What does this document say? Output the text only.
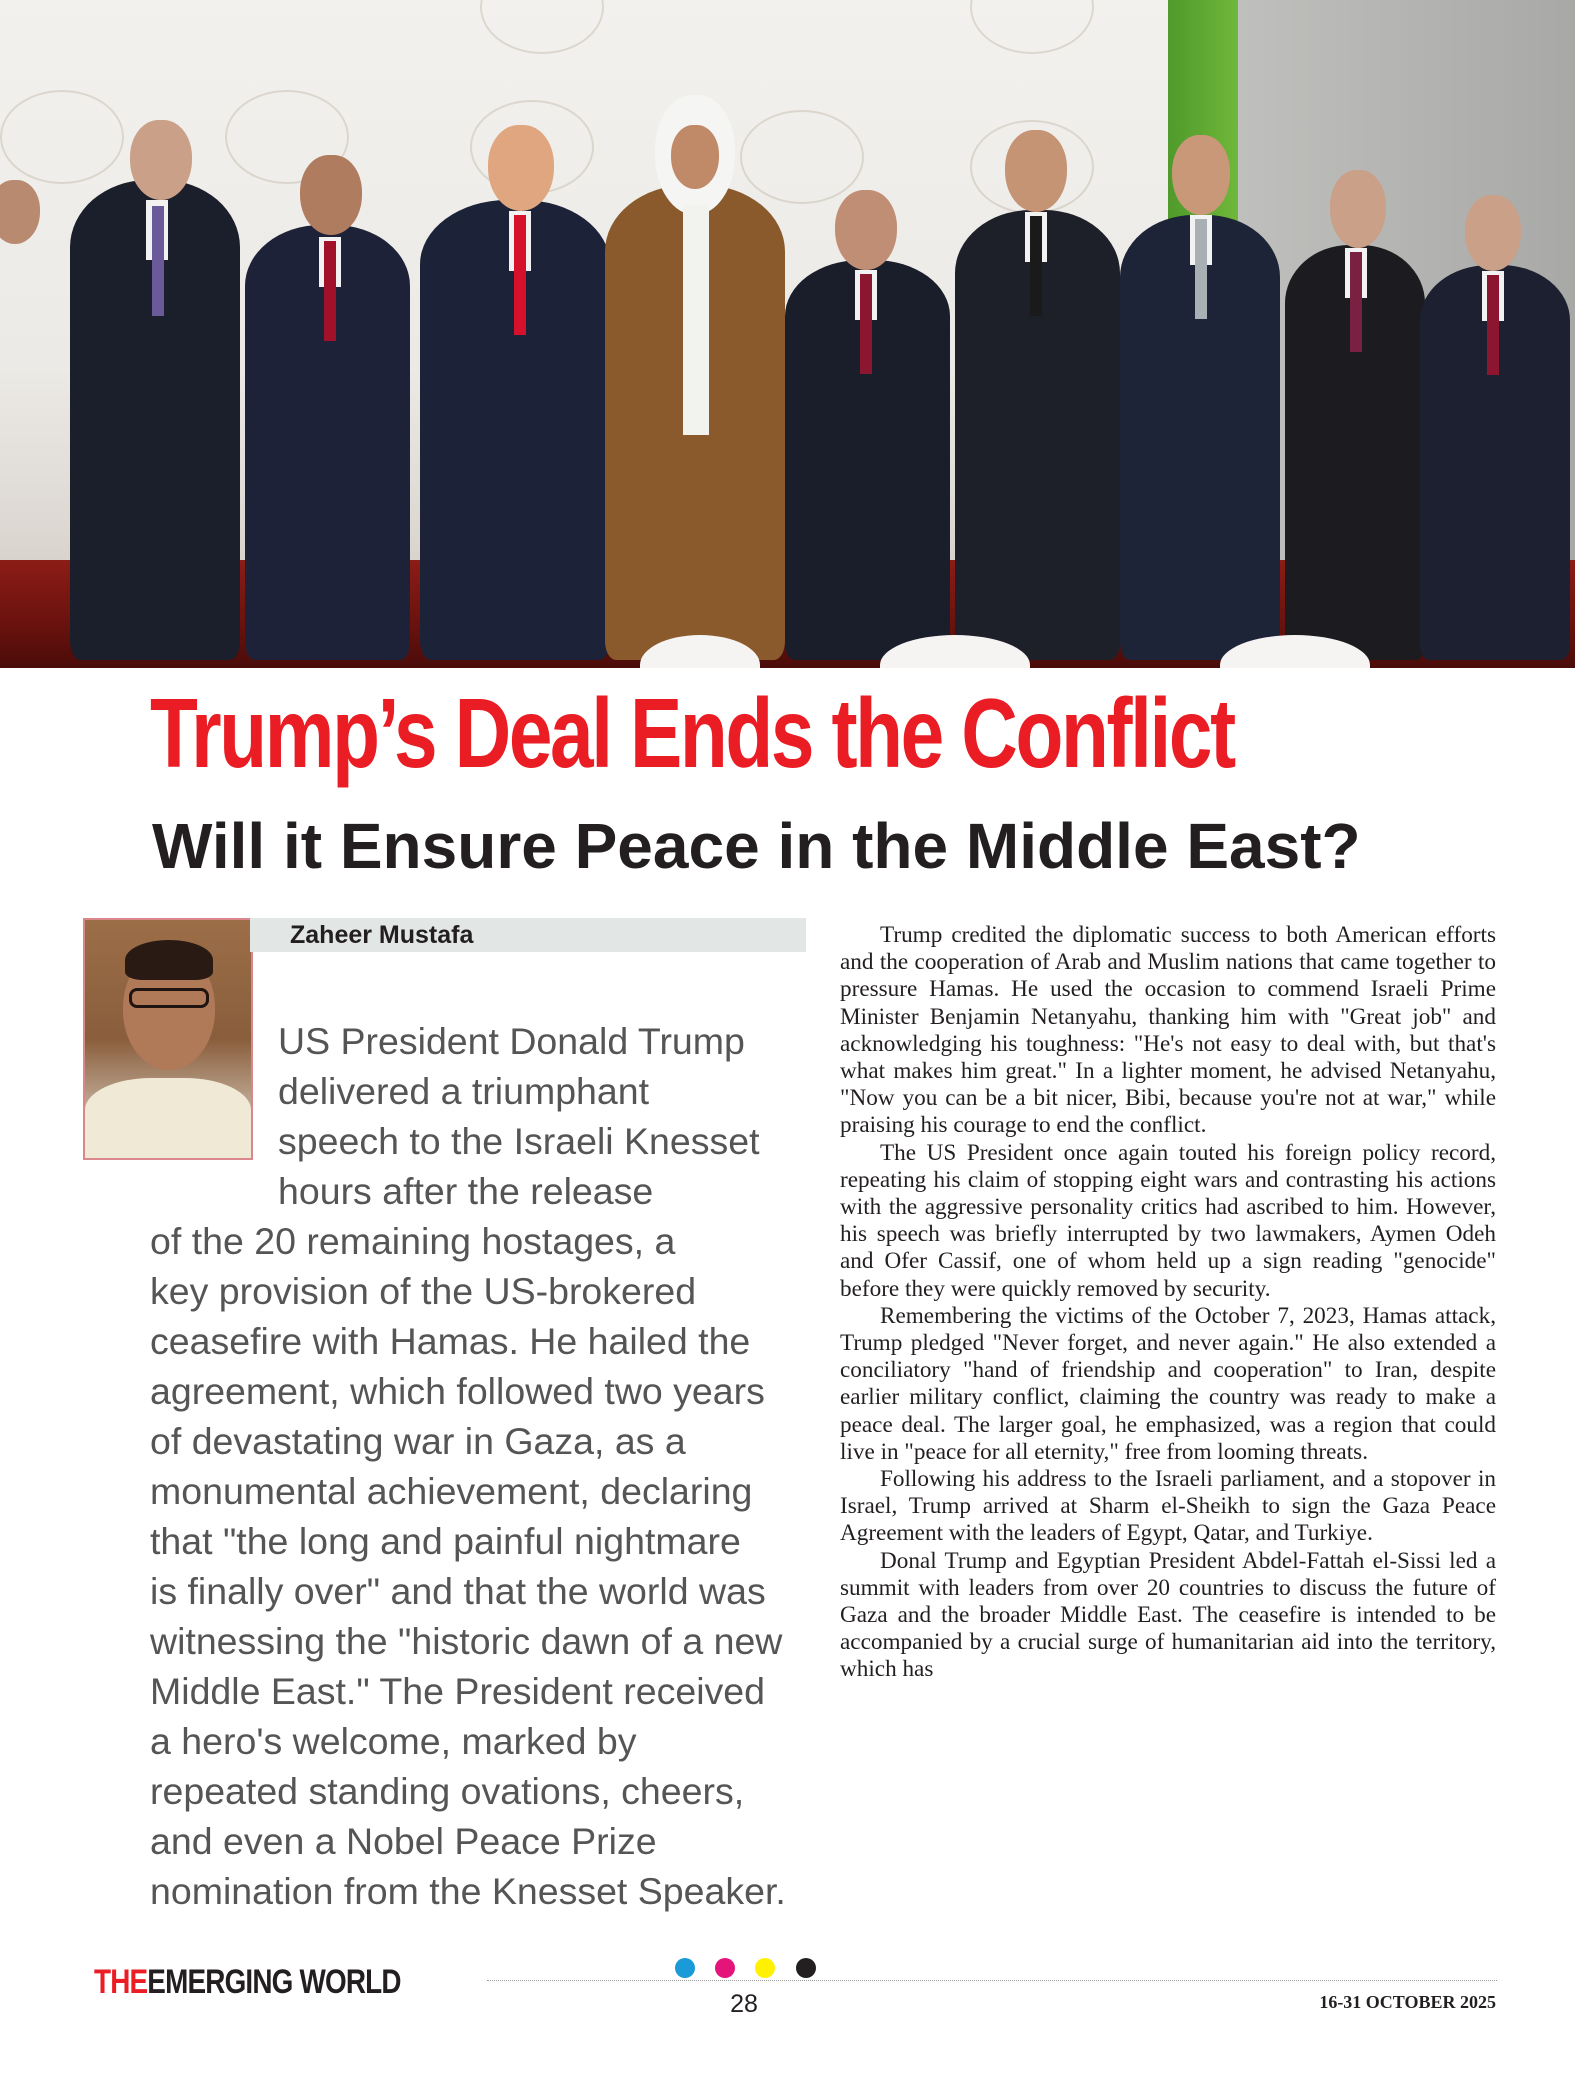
Trump’s Deal Ends the Conflict
Will it Ensure Peace in the Middle East?
Zaheer Mustafa
US President Donald Trump
delivered a triumphant
speech to the Israeli Knesset
hours after the release
of the 20 remaining hostages, a
key provision of the US-brokered
ceasefire with Hamas. He hailed the
agreement, which followed two years
of devastating war in Gaza, as a
monumental achievement, declaring
that "the long and painful nightmare
is finally over" and that the world was
witnessing the "historic dawn of a new
Middle East." The President received
a hero's welcome, marked by
repeated standing ovations, cheers,
and even a Nobel Peace Prize
nomination from the Knesset Speaker.

Trump credited the diplomatic success to both American efforts and the cooperation of Arab and Muslim nations that came together to pressure Hamas. He used the occasion to commend Israeli Prime Minister Benjamin Netanyahu, thanking him with "Great job" and acknowledging his toughness: "He's not easy to deal with, but that's what makes him great." In a lighter moment, he advised Netanyahu, "Now you can be a bit nicer, Bibi, because you're not at war," while praising his courage to end the conflict.

The US President once again touted his foreign policy record, repeating his claim of stopping eight wars and contrasting his actions with the aggressive personality critics had ascribed to him. However, his speech was briefly interrupted by two lawmakers, Aymen Odeh and Ofer Cassif, one of whom held up a sign reading "genocide" before they were quickly removed by security.

Remembering the victims of the October 7, 2023, Hamas attack, Trump pledged "Never forget, and never again." He also extended a conciliatory "hand of friendship and cooperation" to Iran, despite earlier military conflict, claiming the country was ready to make a peace deal. The larger goal, he emphasized, was a region that could live in "peace for all eternity," free from looming threats.

Following his address to the Israeli parliament, and a stopover in Israel, Trump arrived at Sharm el-Sheikh to sign the Gaza Peace Agreement with the leaders of Egypt, Qatar, and Turkiye.

Donal Trump and Egyptian President Abdel-Fattah el-Sissi led a summit with leaders from over 20 countries to discuss the future of Gaza and the broader Middle East. The ceasefire is intended to be accompanied by a crucial surge of humanitarian aid into the territory, which has

THEEMERGING WORLD
28	16-31 OCTOBER 2025
